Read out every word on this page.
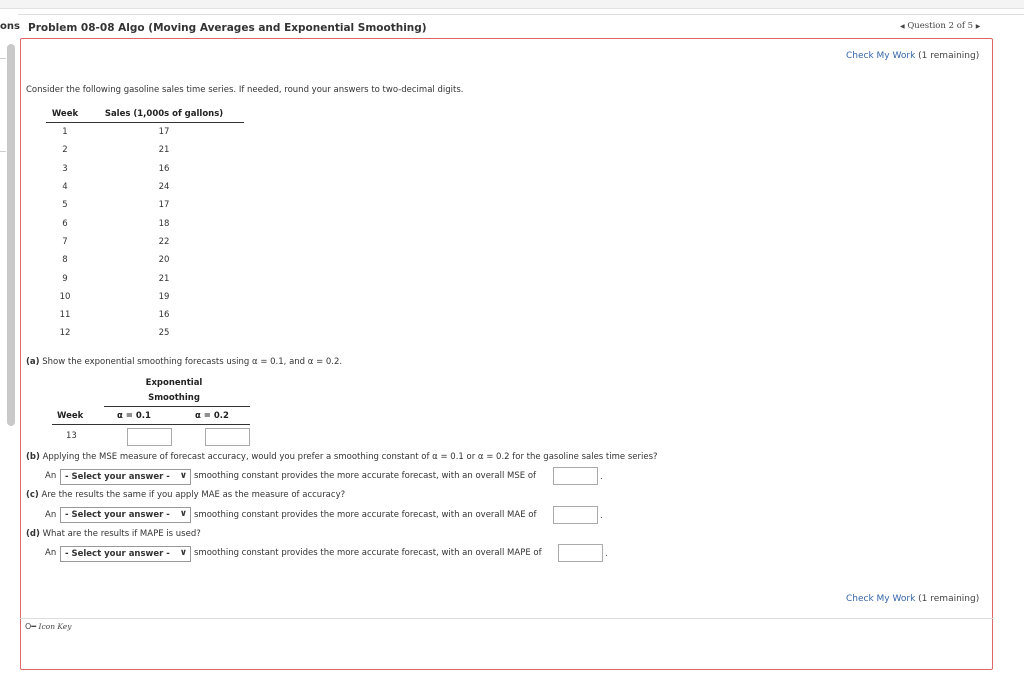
ons Problem 08-08 Algo (Moving Averages and Exponential Smoothing)	◀ Question 2 of 5 ▶
Check My Work (1 remaining)
Consider the following gasoline sales time series. If needed, round your answers to two-decimal digits.
Week	Sales (1,000s of gallons)
1	17
2	21
3	16
4	24
5	17
6	18
7	22
8	20
9	21
10	19
11	16
12	25
(a) Show the exponential smoothing forecasts using α = 0.1, and α = 0.2.
Exponential
Smoothing
Week	α = 0.1	α = 0.2
13
(b) Applying the MSE measure of forecast accuracy, would you prefer a smoothing constant of α = 0.1 or α = 0.2 for the gasoline sales time series?
An	- Select your answer - ∨ smoothing constant provides the more accurate forecast, with an overall MSE of	.
(c) Are the results the same if you apply MAE as the measure of accuracy?
An	- Select your answer - ∨ smoothing constant provides the more accurate forecast, with an overall MAE of	.
(d) What are the results if MAPE is used?
An	- Select your answer - ∨ smoothing constant provides the more accurate forecast, with an overall MAPE of	.
Check My Work (1 remaining)
O━ Icon Key
